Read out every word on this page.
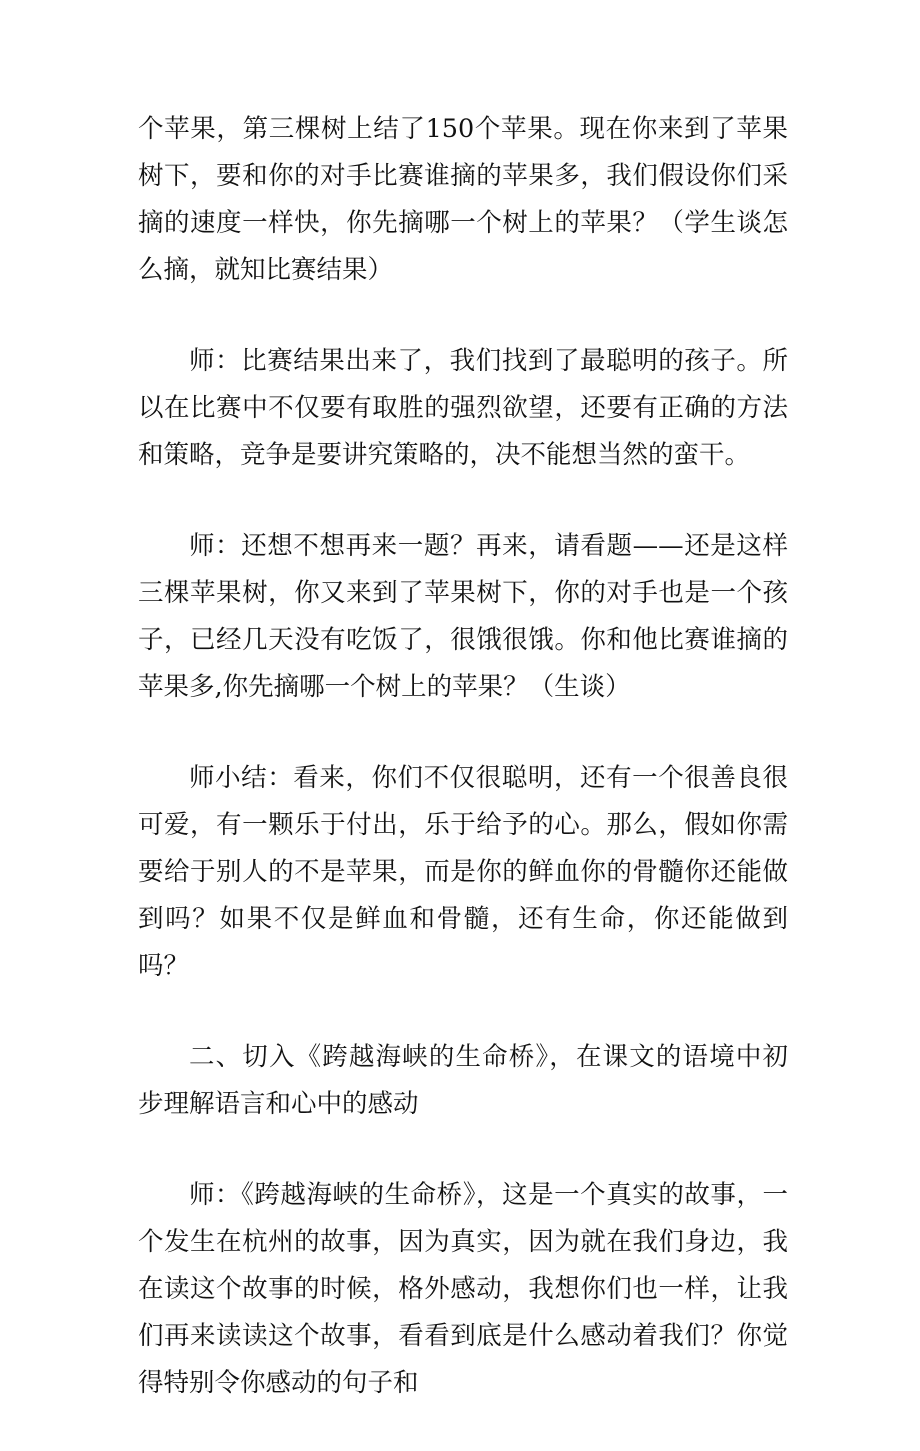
个苹果，第三棵树上结了150个苹果。现在你来到了苹果树下，要和你的对手比赛谁摘的苹果多，我们假设你们采摘的速度一样快，你先摘哪一个树上的苹果？（学生谈怎么摘，就知比赛结果）

师：比赛结果出来了，我们找到了最聪明的孩子。所以在比赛中不仅要有取胜的强烈欲望，还要有正确的方法和策略，竞争是要讲究策略的，决不能想当然的蛮干。

师：还想不想再来一题？再来，请看题——还是这样三棵苹果树，你又来到了苹果树下，你的对手也是一个孩子，已经几天没有吃饭了，很饿很饿。你和他比赛谁摘的苹果多,你先摘哪一个树上的苹果？（生谈）

师小结：看来，你们不仅很聪明，还有一个很善良很可爱，有一颗乐于付出，乐于给予的心。那么，假如你需要给于别人的不是苹果，而是你的鲜血你的骨髓你还能做到吗？如果不仅是鲜血和骨髓，还有生命，你还能做到吗？

二、切入《跨越海峡的生命桥》，在课文的语境中初步理解语言和心中的感动

师：《跨越海峡的生命桥》，这是一个真实的故事，一个发生在杭州的故事，因为真实，因为就在我们身边，我在读这个故事的时候，格外感动，我想你们也一样，让我们再来读读这个故事，看看到底是什么感动着我们？你觉得特别令你感动的句子和
